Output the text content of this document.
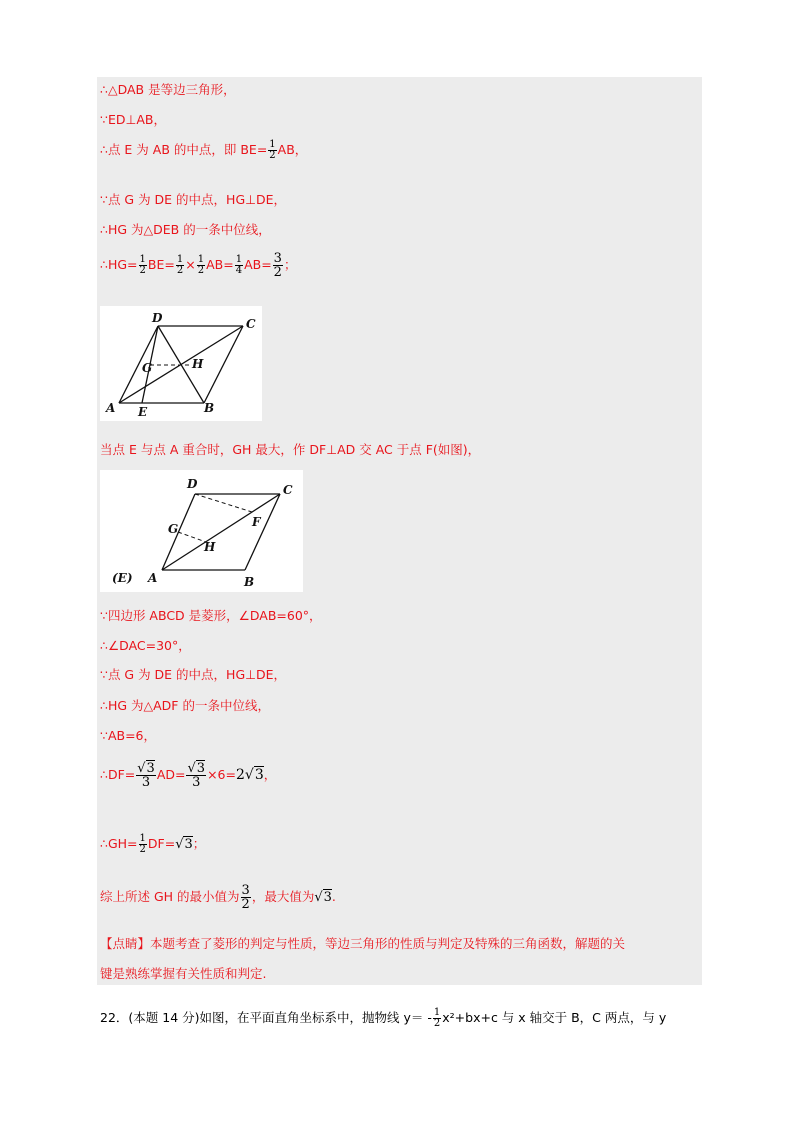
∴△DAB 是等边三角形，
∵ED⊥AB，
∴点 E 为 AB 的中点，即 $BE= \frac{1}{2}$ AB，
∵点 G 为 DE 的中点，HG⊥DE，
∴HG 为△DEB 的一条中位线，
∴HG= $\frac{1}{2} BE= \frac{1}{2} \times \frac{1}{2} AB= \frac{1}{4} AB= \frac{3}{2}$ ；
D	C
G	H
A E	B
当点 E 与点 A 重合时，GH 最大，作 DF⊥AD 交 AC 于点 F(如图)，
D	C
G	F
H
(E) A	B
∵四边形 ABCD 是菱形，∠DAB=60°，
∴∠DAC=30°，
∵点 G 为 DE 的中点，HG⊥DE，
∴HG 为△ADF 的一条中位线，
∵AB=6，
∴DF= $\frac{√3}{3} AD= \frac{√3}{3} \times 6=2√3$，
∴GH= $\frac{1}{2} DF=√3$；
综上所述 GH 的最小值为 $\frac{3}{2}$ ，最大值为√3.
【点睛】本题考查了菱形的判定与性质，等边三角形的性质与判定及特殊的三角函数，解题的关
键是熟练掌握有关性质和判定.
22．(本题 14 分)如图，在平面直角坐标系中，抛物线 $y= - \frac{1}{2} x^2+bx+c$ 与 x 轴交于 B，C 两点，与 y
